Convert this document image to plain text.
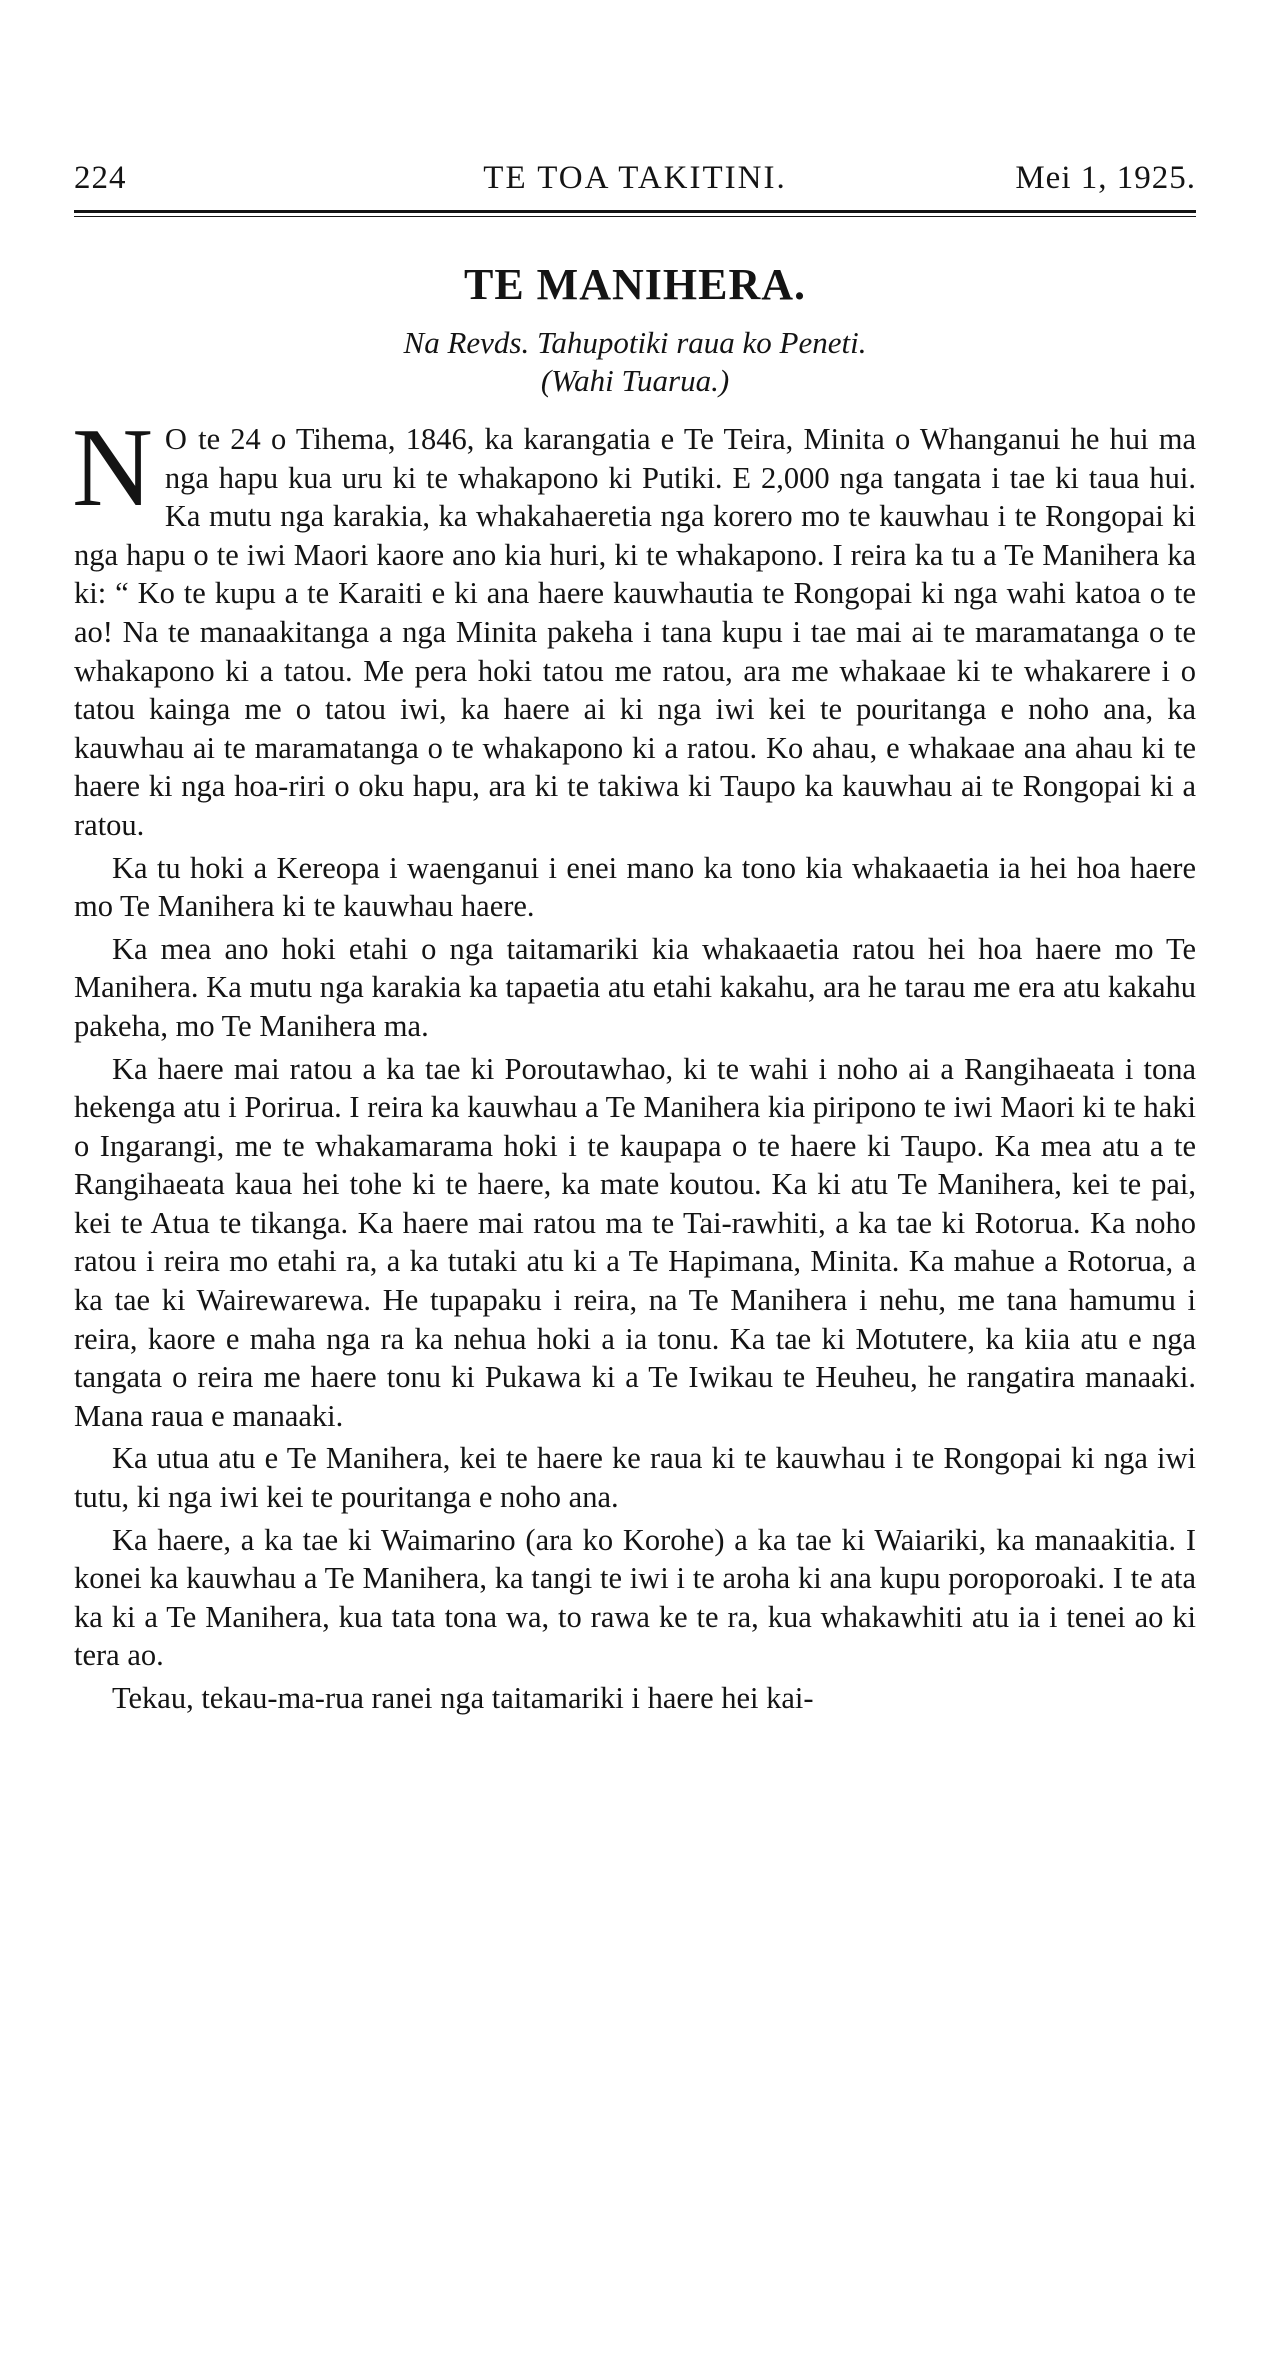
224	TE TOA TAKITINI.	Mei 1, 1925.
TE MANIHERA.
Na Revds. Tahupotiki raua ko Peneti.
(Wahi Tuarua.)

N O te 24 o Tihema, 1846, ka karangatia e Te Teira, Minita o Whanganui he hui ma nga hapu kua uru ki te whakapono ki Putiki. E 2,000 nga tangata i tae ki taua hui. Ka mutu nga karakia, ka whakahaeretia nga korero mo te kauwhau i te Rongopai ki nga hapu o te iwi Maori kaore ano kia huri, ki te whakapono. I reira ka tu a Te Manihera ka ki: “ Ko te kupu a te Karaiti e ki ana haere kauwhautia te Rongopai ki nga wahi katoa o te ao! Na te manaakitanga a nga Minita pakeha i tana kupu i tae mai ai te maramatanga o te whakapono ki a tatou. Me pera hoki tatou me ratou, ara me whakaae ki te whakarere i o tatou kainga me o tatou iwi, ka haere ai ki nga iwi kei te pouritanga e noho ana, ka kauwhau ai te maramatanga o te whakapono ki a ratou. Ko ahau, e whakaae ana ahau ki te haere ki nga hoa-riri o oku hapu, ara ki te takiwa ki Taupo ka kauwhau ai te Rongopai ki a ratou.

Ka tu hoki a Kereopa i waenganui i enei mano ka tono kia whakaaetia ia hei hoa haere mo Te Manihera ki te kauwhau haere.

Ka mea ano hoki etahi o nga taitamariki kia whakaaetia ratou hei hoa haere mo Te Manihera. Ka mutu nga karakia ka tapaetia atu etahi kakahu, ara he tarau me era atu kakahu pakeha, mo Te Manihera ma.

Ka haere mai ratou a ka tae ki Poroutawhao, ki te wahi i noho ai a Rangihaeata i tona hekenga atu i Porirua. I reira ka kauwhau a Te Manihera kia piripono te iwi Maori ki te haki o Ingarangi, me te whakamarama hoki i te kaupapa o te haere ki Taupo. Ka mea atu a te Rangihaeata kaua hei tohe ki te haere, ka mate koutou. Ka ki atu Te Manihera, kei te pai, kei te Atua te tikanga. Ka haere mai ratou ma te Tai-rawhiti, a ka tae ki Rotorua. Ka noho ratou i reira mo etahi ra, a ka tutaki atu ki a Te Hapimana, Minita. Ka mahue a Rotorua, a ka tae ki Wairewarewa. He tupapaku i reira, na Te Manihera i nehu, me tana hamumu i reira, kaore e maha nga ra ka nehua hoki a ia tonu. Ka tae ki Motutere, ka kiia atu e nga tangata o reira me haere tonu ki Pukawa ki a Te Iwikau te Heuheu, he rangatira manaaki. Mana raua e manaaki.

Ka utua atu e Te Manihera, kei te haere ke raua ki te kauwhau i te Rongopai ki nga iwi tutu, ki nga iwi kei te pouritanga e noho ana.

Ka haere, a ka tae ki Waimarino (ara ko Korohe) a ka tae ki Waiariki, ka manaakitia. I konei ka kauwhau a Te Manihera, ka tangi te iwi i te aroha ki ana kupu poroporoaki. I te ata ka ki a Te Manihera, kua tata tona wa, to rawa ke te ra, kua whakawhiti atu ia i tenei ao ki tera ao.

Tekau, tekau-ma-rua ranei nga taitamariki i haere hei kai-
